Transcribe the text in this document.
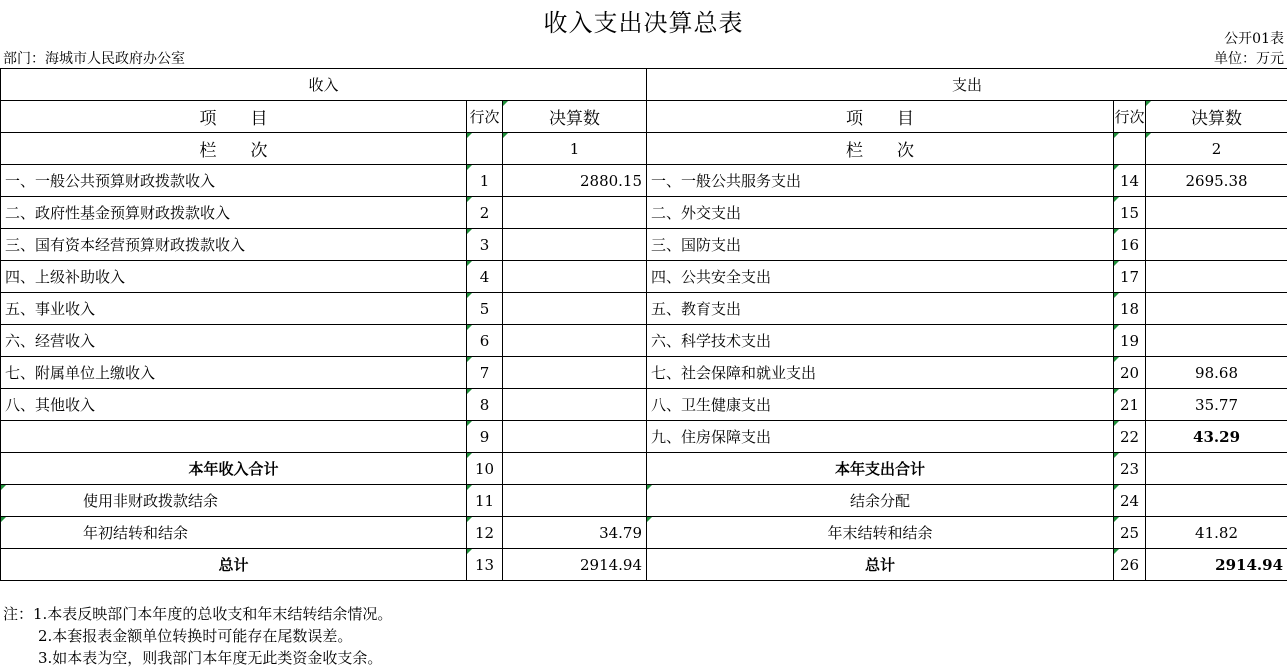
收入支出决算总表
公开01表
部门：海城市人民政府办公室	单位：万元
收入			支出		
项　　目	行次	决算数	项　　目	行次	决算数
栏　　次		1	栏　　次		2
一、一般公共预算财政拨款收入	1	2880.15	一、一般公共服务支出	14	2695.38
二、政府性基金预算财政拨款收入	2		二、外交支出	15	
三、国有资本经营预算财政拨款收入	3		三、国防支出	16	
四、上级补助收入	4		四、公共安全支出	17	
五、事业收入	5		五、教育支出	18	
六、经营收入	6		六、科学技术支出	19	
七、附属单位上缴收入	7		七、社会保障和就业支出	20	98.68
八、其他收入	8		八、卫生健康支出	21	35.77
	9		九、住房保障支出	22	43.29
本年收入合计	10		本年支出合计	23	
使用非财政拨款结余	11		结余分配	24	
年初结转和结余	12	34.79	年末结转和结余	25	41.82
总计	13	2914.94	总计	26	2914.94
注：1.本表反映部门本年度的总收支和年末结转结余情况。
2.本套报表金额单位转换时可能存在尾数误差。
3.如本表为空，则我部门本年度无此类资金收支余。
